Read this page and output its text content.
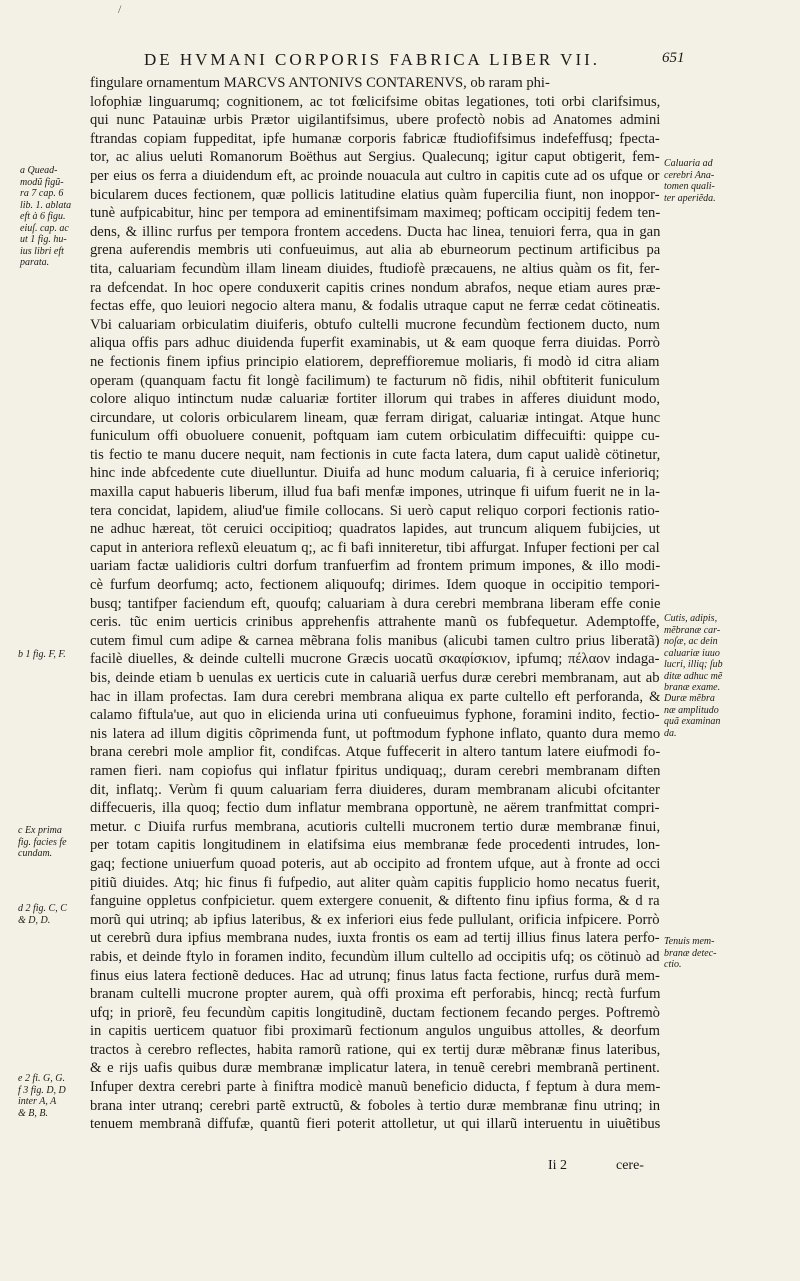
/
DE HVMANI CORPORIS FABRICA LIBER VII.	651
fingulare ornamentum MARCVS ANTONIVS CONTARENVS, ob raram phi-
lofophiæ linguarumq; cognitionem, ac tot fœlicifsime obitas legationes, toti orbi clarifsimus,
qui nunc Patauinæ urbis Prætor uigilantifsimus, ubere profectò nobis ad Anatomes admini
ftrandas copiam fuppeditat, ipfe humanæ corporis fabricæ ftudiofifsimus indefeffusq; fpecta-
tor, ac alius ueluti Romanorum Boëthus aut Sergius. Qualecunq; igitur caput obtigerit, fem-
per eius os ferra a diuidendum eft, ac proinde nouacula aut cultro in capitis cute ad os ufque or
bicularem duces fectionem, quæ pollicis latitudine elatius quàm fupercilia fiunt, non inoppor-
tunè aufpicabitur, hinc per tempora ad eminentifsimam maximeq; pofticam occipitij fedem ten-
dens, & illinc rurfus per tempora frontem accedens. Ducta hac linea, tenuiori ferra, qua in gan
grena auferendis membris uti confueuimus, aut alia ab eburneorum pectinum artificibus pa
tita, caluariam fecundùm illam lineam diuides, ftudiofè præcauens, ne altius quàm os fit, fer-
ra defcendat. In hoc opere conduxerit capitis crines nondum abrafos, neque etiam aures præ-
fectas effe, quo leuiori negocio altera manu, & fodalis utraque caput ne ferræ cedat cötineatis.
Vbi caluariam orbiculatim diuiferis, obtufo cultelli mucrone fecundùm fectionem ducto, num
aliqua offis pars adhuc diuidenda fuperfit examinabis, ut & eam quoque ferra diuidas. Porrò
ne fectionis finem ipfius principio elatiorem, depreffioremue moliaris, fi modò id citra aliam
operam (quanquam factu fit longè facilimum) te facturum nõ fidis, nihil obftiterit funiculum
colore aliquo intinctum nudæ caluariæ fortiter illorum qui trabes in afferes diuidunt modo,
circundare, ut coloris orbicularem lineam, quæ ferram dirigat, caluariæ intingat. Atque hunc
funiculum offi obuoluere conuenit, poftquam iam cutem orbiculatim diffecuifti: quippe cu-
tis fectio te manu ducere nequit, nam fectionis in cute facta latera, dum caput ualidè cötinetur,
hinc inde abfcedente cute diuelluntur. Diuifa ad hunc modum caluaria, fi à ceruice inferioriq;
maxilla caput habueris liberum, illud fua bafi menfæ impones, utrinque fi uifum fuerit ne in la-
tera concidat, lapidem, aliud'ue fimile collocans. Si uerò caput reliquo corpori fectionis ratio-
ne adhuc hæreat, töt ceruici occipitioq; quadratos lapides, aut truncum aliquem fubijcies, ut
caput in anteriora reflexũ eleuatum q;, ac fi bafi inniteretur, tibi affurgat. Infuper fectioni per cal
uariam factæ ualidioris cultri dorfum tranfuerfim ad frontem primum impones, & illo modi-
cè furfum deorfumq; acto, fectionem aliquoufq; dirimes. Idem quoque in occipitio tempori-
busq; tantifper faciendum eft, quoufq; caluariam à dura cerebri membrana liberam effe conie
ceris. tũc enim uerticis crinibus apprehenfis attrahente manũ os fubfequetur. Ademptoffe,
cutem fimul cum adipe & carnea mẽbrana folis manibus (alicubi tamen cultro prius liberatã)
facilè diuelles, & deinde cultelli mucrone Græcis uocatũ σκαφίσκιον, ipfumq; πέλαον indaga-
bis, deinde etiam b uenulas ex uerticis cute in caluariã uerfus duræ cerebri membranam, aut ab
hac in illam profectas. Iam dura cerebri membrana aliqua ex parte cultello eft perforanda, &
calamo fiftula'ue, aut quo in elicienda urina uti confueuimus fyphone, foramini indito, fectio-
nis latera ad illum digitis cõprimenda funt, ut poftmodum fyphone inflato, quanto dura memo
brana cerebri mole amplior fit, condifcas. Atque fuffecerit in altero tantum latere eiufmodi fo-
ramen fieri. nam copiofus qui inflatur fpiritus undiquaq;, duram cerebri membranam diften
dit, inflatq;. Verùm fi quum caluariam ferra diuideres, duram membranam alicubi ofcitanter
diffecueris, illa quoq; fectio dum inflatur membrana opportunè, ne aërem tranfmittat compri-
metur. c Diuifa rurfus membrana, acutioris cultelli mucronem tertio duræ membranæ finui,
per totam capitis longitudinem in elatifsima eius membranæ fede procedenti intrudes, lon-
gaq; fectione uniuerfum quoad poteris, aut ab occipito ad frontem ufque, aut à fronte ad occi
pitiũ diuides. Atq; hic finus fi fufpedio, aut aliter quàm capitis fupplicio homo necatus fuerit,
fanguine oppletus confpicietur. quem extergere conuenit, & diftento finu ipfius forma, & d ra
morũ qui utrinq; ab ipfius lateribus, & ex inferiori eius fede pullulant, orificia infpicere. Porrò
ut cerebrũ dura ipfius membrana nudes, iuxta frontis os eam ad tertij illius finus latera perfo-
rabis, et deinde ftylo in foramen indito, fecundùm illum cultello ad occipitis ufq; os cötinuò ad
finus eius latera fectionẽ deduces. Hac ad utrunq; finus latus facta fectione, rurfus durã mem-
branam cultelli mucrone propter aurem, quà offi proxima eft perforabis, hincq; rectà furfum
ufq; in priorẽ, feu fecundùm capitis longitudinẽ, ductam fectionem fecando perges. Poftremò
in capitis uerticem quatuor fibi proximarũ fectionum angulos unguibus attolles, & deorfum
tractos à cerebro reflectes, habita ramorũ ratione, qui ex tertij duræ mẽbranæ finus lateribus,
& e rijs uafis quibus duræ membranæ implicatur latera, in tenuẽ cerebri membranã pertinent.
Infuper dextra cerebri parte à finiftra modicè manuũ beneficio diducta, f feptum à dura mem-
brana inter utranq; cerebri partẽ extructũ, & foboles à tertio duræ membranæ finu utrinq; in
tenuem membranã diffufæ, quantũ fieri poterit attolletur, ut qui illarũ interuentu in uiuẽtibus
a Quead-
modũ figũ-
ra 7 cap. 6
lib. 1. ablata
eft à 6 figu.
eiuſ. cap. ac
ut 1 fig. hu-
ius libri eft
parata.
b 1 fig. F, F.
c Ex prima
fig. facies fe
cundam.
d 2 fig. C, C
& D, D.
e 2 fi. G, G.
f 3 fig. D, D
inter A, A
& B, B.
Caluaria ad
cerebri Ana-
tomen quali-
ter aperiẽda.
Cutis, adipis,
mẽbranæ car-
noſæ, ac dein
caluariæ iuuo
lucri, illiq; ſub
ditæ adhuc mẽ
branæ exame.
Duræ mẽbra
næ amplitudo
quã examinan
da.
Tenuis mem-
branæ detec-
ctio.
Ii 2	cere-
